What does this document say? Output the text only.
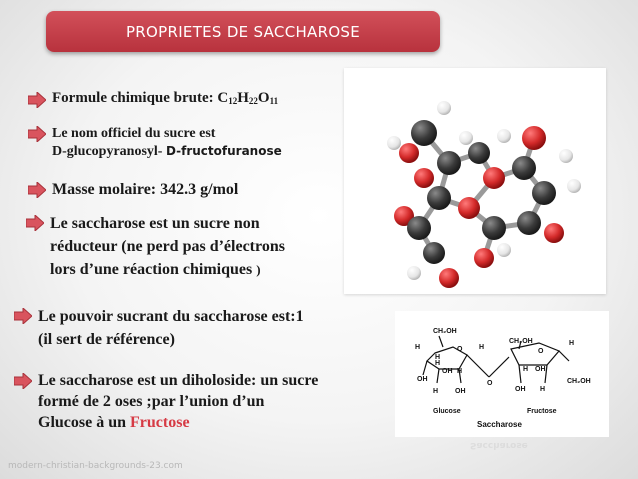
PROPRIETES DE SACCHAROSE
Formule chimique brute: $C_{12}H_{22}O_{11}$
Le nom officiel du sucre est
D-glucopyranosyl- D-fructofuranose
Masse molaire: 342.3 g/mol
Le saccharose est un sucre non
réducteur (ne perd pas d’électrons
lors d’une réaction chimiques )
Le pouvoir sucrant du saccharose est:1
(il sert de référence)
Le saccharose est un diholoside: un sucre
formé de 2 oses ;par l’union d’un
Glucose à un Fructose
CH₂OH
H
H
O H
H
OH
OH H
H OH
O
CH₂OH	H
O
H OH
CH₂OH
OH H
Glucose	Fructose
Saccharose
Saccharose
modern-christian-backgrounds-23.com
